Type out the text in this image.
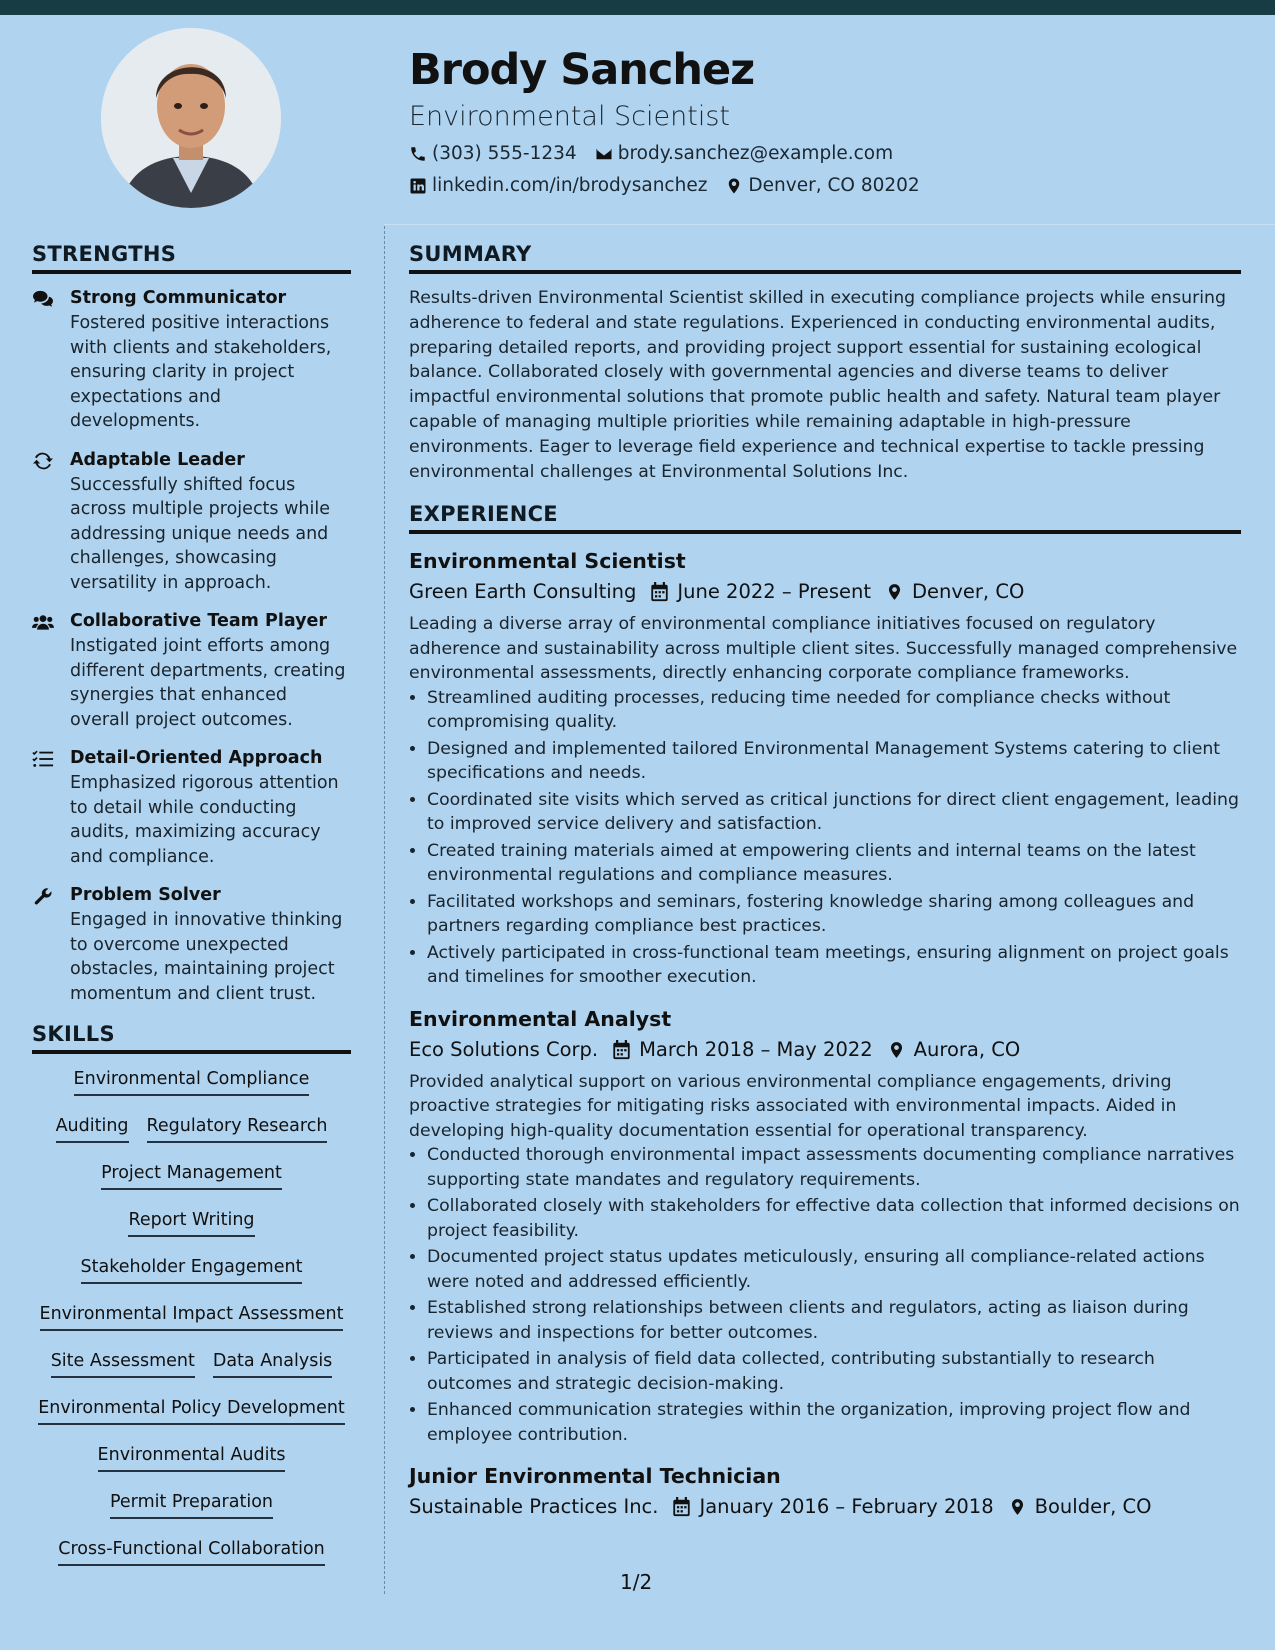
Brody Sanchez
Environmental Scientist
(303) 555-1234 brody.sanchez@example.com
linkedin.com/in/brodysanchez Denver, CO 80202
STRENGTHS
Strong Communicator
Fostered positive interactions with clients and stakeholders, ensuring clarity in project expectations and developments.
Adaptable Leader
Successfully shifted focus across multiple projects while addressing unique needs and challenges, showcasing versatility in approach.
Collaborative Team Player
Instigated joint efforts among different departments, creating synergies that enhanced overall project outcomes.
Detail-Oriented Approach
Emphasized rigorous attention to detail while conducting audits, maximizing accuracy and compliance.
Problem Solver
Engaged in innovative thinking to overcome unexpected obstacles, maintaining project momentum and client trust.
SKILLS
Environmental Compliance
Auditing Regulatory Research
Project Management
Report Writing
Stakeholder Engagement
Environmental Impact Assessment
Site Assessment Data Analysis
Environmental Policy Development
Environmental Audits
Permit Preparation
Cross-Functional Collaboration
SUMMARY

Results-driven Environmental Scientist skilled in executing compliance projects while ensuring adherence to federal and state regulations. Experienced in conducting environmental audits, preparing detailed reports, and providing project support essential for sustaining ecological balance. Collaborated closely with governmental agencies and diverse teams to deliver impactful environmental solutions that promote public health and safety. Natural team player capable of managing multiple priorities while remaining adaptable in high-pressure environments. Eager to leverage field experience and technical expertise to tackle pressing environmental challenges at Environmental Solutions Inc.

EXPERIENCE
Environmental Scientist
Green Earth Consulting June 2022 – Present Denver, CO
Leading a diverse array of environmental compliance initiatives focused on regulatory adherence and sustainability across multiple client sites. Successfully managed comprehensive environmental assessments, directly enhancing corporate compliance frameworks.
• Streamlined auditing processes, reducing time needed for compliance checks without compromising quality.
• Designed and implemented tailored Environmental Management Systems catering to client specifications and needs.
• Coordinated site visits which served as critical junctions for direct client engagement, leading to improved service delivery and satisfaction.
• Created training materials aimed at empowering clients and internal teams on the latest environmental regulations and compliance measures.
• Facilitated workshops and seminars, fostering knowledge sharing among colleagues and partners regarding compliance best practices.
• Actively participated in cross-functional team meetings, ensuring alignment on project goals and timelines for smoother execution.
Environmental Analyst
Eco Solutions Corp. March 2018 – May 2022 Aurora, CO
Provided analytical support on various environmental compliance engagements, driving proactive strategies for mitigating risks associated with environmental impacts. Aided in developing high-quality documentation essential for operational transparency.
• Conducted thorough environmental impact assessments documenting compliance narratives supporting state mandates and regulatory requirements.
• Collaborated closely with stakeholders for effective data collection that informed decisions on project feasibility.
• Documented project status updates meticulously, ensuring all compliance-related actions were noted and addressed efficiently.
• Established strong relationships between clients and regulators, acting as liaison during reviews and inspections for better outcomes.
• Participated in analysis of field data collected, contributing substantially to research outcomes and strategic decision-making.
• Enhanced communication strategies within the organization, improving project flow and employee contribution.
Junior Environmental Technician
Sustainable Practices Inc. January 2016 – February 2018 Boulder, CO
1/2
